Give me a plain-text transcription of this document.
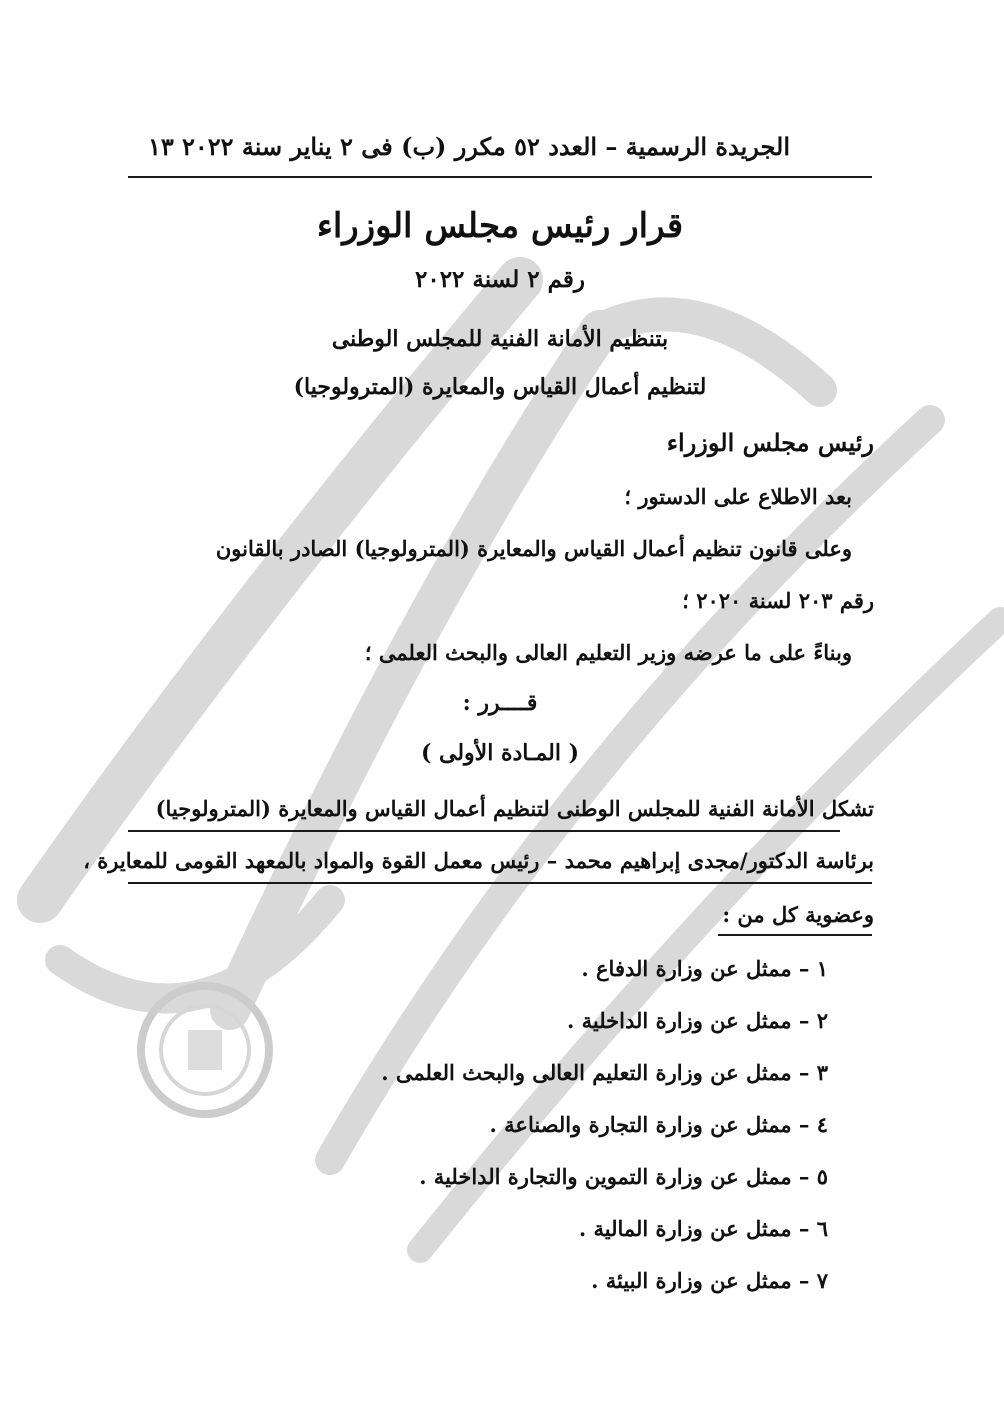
الجريدة الرسمية – العدد ٥٢ مكرر (ب) فى ٢ يناير سنة ٢٠٢٢
١٣
قرار رئيس مجلس الوزراء
رقم ٢ لسنة ٢٠٢٢
بتنظيم الأمانة الفنية للمجلس الوطنى
لتنظيم أعمال القياس والمعايرة (المترولوجيا)
رئيس مجلس الوزراء
بعد الاطلاع على الدستور ؛
وعلى قانون تنظيم أعمال القياس والمعايرة (المترولوجيا) الصادر بالقانون
رقم ٢٠٣ لسنة ٢٠٢٠ ؛
وبناءً على ما عرضه وزير التعليم العالى والبحث العلمى ؛
قــــرر :
( المـادة الأولى )
تشكل الأمانة الفنية للمجلس الوطنى لتنظيم أعمال القياس والمعايرة (المترولوجيا)
برئاسة الدكتور/مجدى إبراهيم محمد – رئيس معمل القوة والمواد بالمعهد القومى للمعايرة ،
وعضوية كل من :
١ – ممثل عن وزارة الدفاع .
٢ – ممثل عن وزارة الداخلية .
٣ – ممثل عن وزارة التعليم العالى والبحث العلمى .
٤ – ممثل عن وزارة التجارة والصناعة .
٥ – ممثل عن وزارة التموين والتجارة الداخلية .
٦ – ممثل عن وزارة المالية .
٧ – ممثل عن وزارة البيئة .
